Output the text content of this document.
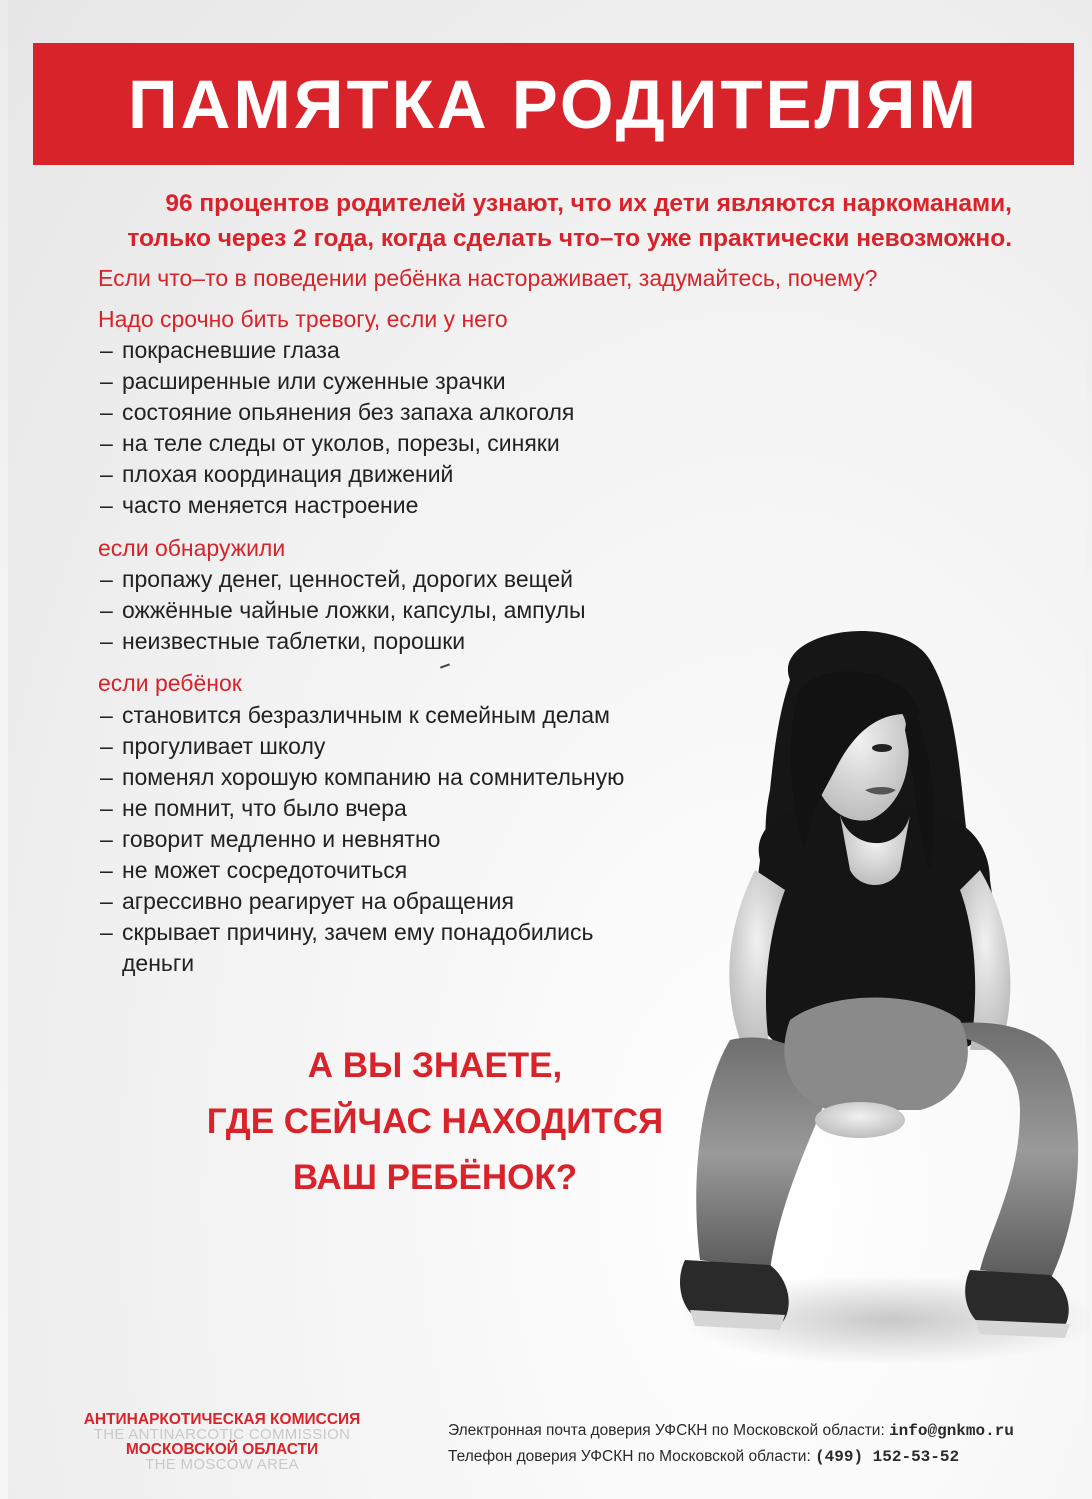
ПАМЯТКА РОДИТЕЛЯМ
96 процентов родителей узнают, что их дети являются наркоманами,
только через 2 года, когда сделать что–то уже практически невозможно.
Если что–то в поведении ребёнка настораживает, задумайтесь, почему?
Надо срочно бить тревогу, если у него
– покрасневшие глаза
– расширенные или суженные зрачки
– состояние опьянения без запаха алкоголя
– на теле следы от уколов, порезы, синяки
– плохая координация движений
– часто меняется настроение
если обнаружили
– пропажу денег, ценностей, дорогих вещей
– ожжённые чайные ложки, капсулы, ампулы
– неизвестные таблетки, порошки
если ребёнок
– становится безразличным к семейным делам
– прогуливает школу
– поменял хорошую компанию на сомнительную
– не помнит, что было вчера
– говорит медленно и невнятно
– не может сосредоточиться
– агрессивно реагирует на обращения
– скрывает причину, зачем ему понадобились
деньги
А ВЫ ЗНАЕТЕ,
ГДЕ СЕЙЧАС НАХОДИТСЯ
ВАШ РЕБЁНОК?
АНТИНАРКОТИЧЕСКАЯ КОМИССИЯ
THE ANTINARCOTIC COMMISSION
МОСКОВСКОЙ ОБЛАСТИ
THE MOSCOW AREA
Электронная почта доверия УФСКН по Московской области: info@gnkmo.ru
Телефон доверия УФСКН по Московской области: (499) 152-53-52
